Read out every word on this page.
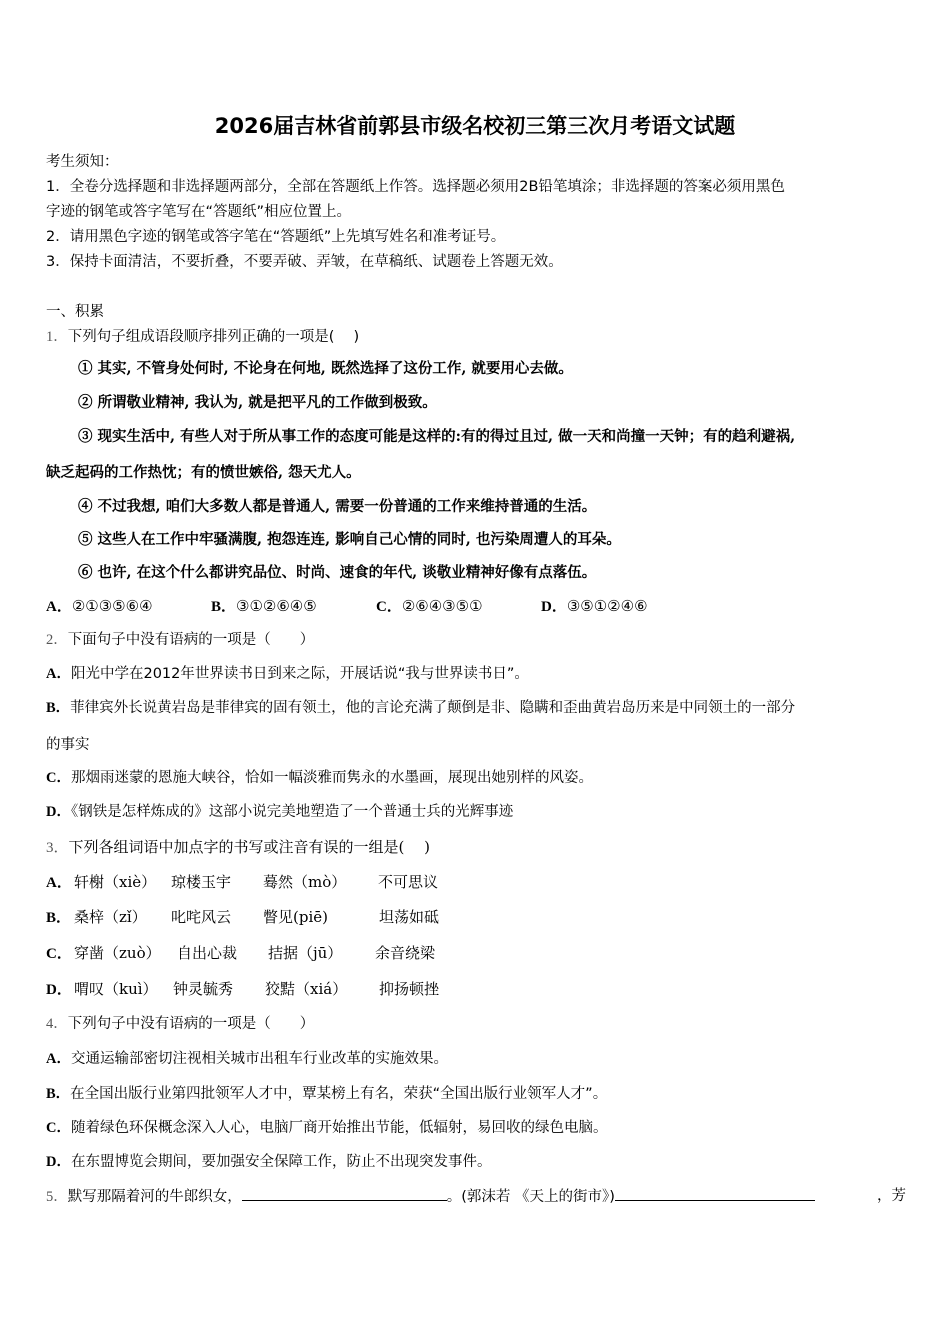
2026届吉林省前郭县市级名校初三第三次月考语文试题
考生须知：
1．全卷分选择题和非选择题两部分，全部在答题纸上作答。选择题必须用2B铅笔填涂；非选择题的答案必须用黑色
字迹的钢笔或答字笔写在“答题纸”相应位置上。
2．请用黑色字迹的钢笔或答字笔在“答题纸”上先填写姓名和准考证号。
3．保持卡面清洁，不要折叠，不要弄破、弄皱，在草稿纸、试题卷上答题无效。
一、积累
1．下列句子组成语段顺序排列正确的一项是(　 )
① 其实, 不管身处何时, 不论身在何地, 既然选择了这份工作, 就要用心去做。
② 所谓敬业精神, 我认为, 就是把平凡的工作做到极致。
③ 现实生活中, 有些人对于所从事工作的态度可能是这样的:有的得过且过, 做一天和尚撞一天钟；有的趋利避祸,
缺乏起码的工作热忱；有的愤世嫉俗, 怨天尤人。
④ 不过我想, 咱们大多数人都是普通人, 需要一份普通的工作来维持普通的生活。
⑤ 这些人在工作中牢骚满腹, 抱怨连连, 影响自己心情的同时, 也污染周遭人的耳朵。
⑥ 也许, 在这个什么都讲究品位、时尚、速食的年代, 谈敬业精神好像有点落伍。
A．②①③⑤⑥④	B．③①②⑥④⑤	C．②⑥④③⑤①	D．③⑤①②④⑥
2．下面句子中没有语病的一项是（　　）
A．阳光中学在2012年世界读书日到来之际，开展话说“我与世界读书日”。
B．菲律宾外长说黄岩岛是菲律宾的固有领土，他的言论充满了颠倒是非、隐瞒和歪曲黄岩岛历来是中同领土的一部分
的事实
C．那烟雨迷蒙的恩施大峡谷，恰如一幅淡雅而隽永的水墨画，展现出她别样的风姿。
D．《钢铁是怎样炼成的》这部小说完美地塑造了一个普通士兵的光辉事迹
3．下列各组词语中加点字的书写或注音有误的一组是(　 )
A． 轩榭（xiè） 琼楼玉宇 蓦然（mò） 不可思议
B． 桑梓（zǐ） 叱咤风云 瞥见(piē)	坦荡如砥
C． 穿凿（zuò） 自出心裁 拮据（jū） 余音绕梁
D． 喟叹（kuì） 钟灵毓秀 狡黠（xiá） 抑扬顿挫
4．下列句子中没有语病的一项是（　　）
A．交通运输部密切注视相关城市出租车行业改革的实施效果。
B．在全国出版行业第四批领军人才中，覃某榜上有名，荣获“全国出版行业领军人才”。
C．随着绿色环保概念深入人心，电脑厂商开始推出节能，低辐射，易回收的绿色电脑。
D．在东盟博览会期间，要加强安全保障工作，防止不出现突发事件。
5．默写那隔着河的牛郎织女，	。(郭沫若 《天上的街市》)	，芳
